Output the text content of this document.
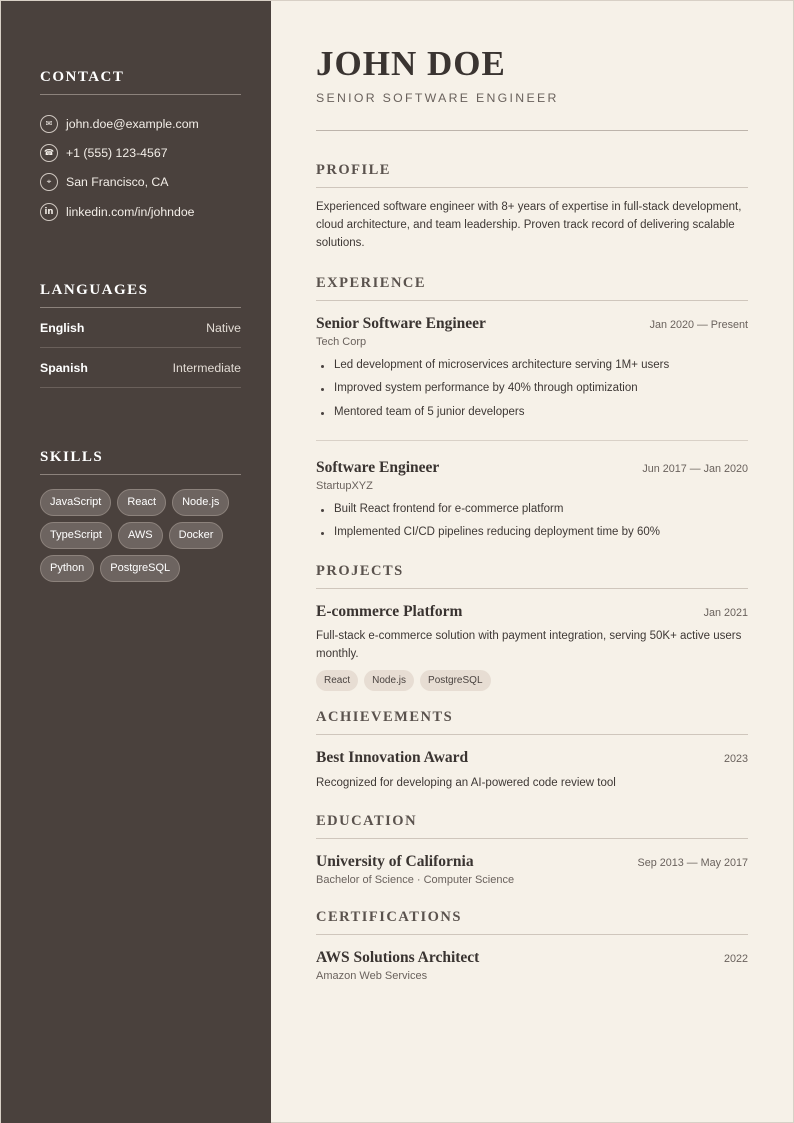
CONTACT
✉	john.doe@example.com
☎ +1 (555) 123-4567
⌖	San Francisco, CA
in	linkedin.com/in/johndoe
LANGUAGES
English	Native
Spanish	Intermediate
SKILLS
JavaScript	React	Node.js
TypeScript	AWS	Docker
Python	PostgreSQL
JOHN DOE
SENIOR SOFTWARE ENGINEER
PROFILE

Experienced software engineer with 8+ years of expertise in full-stack development, cloud architecture, and team leadership. Proven track record of delivering scalable solutions.

EXPERIENCE
Senior Software Engineer	Jan 2020 — Present
Tech Corp
Led development of microservices architecture serving 1M+ users
Improved system performance by 40% through optimization
Mentored team of 5 junior developers
Software Engineer	Jun 2017 — Jan 2020
StartupXYZ
Built React frontend for e-commerce platform
Implemented CI/CD pipelines reducing deployment time by 60%
PROJECTS
E-commerce Platform	Jan 2021

Full-stack e-commerce solution with payment integration, serving 50K+ active users monthly.

React	Node.js	PostgreSQL
ACHIEVEMENTS
Best Innovation Award	2023

Recognized for developing an AI-powered code review tool

EDUCATION
University of California	Sep 2013 — May 2017
Bachelor of Science · Computer Science
CERTIFICATIONS
AWS Solutions Architect	2022
Amazon Web Services
